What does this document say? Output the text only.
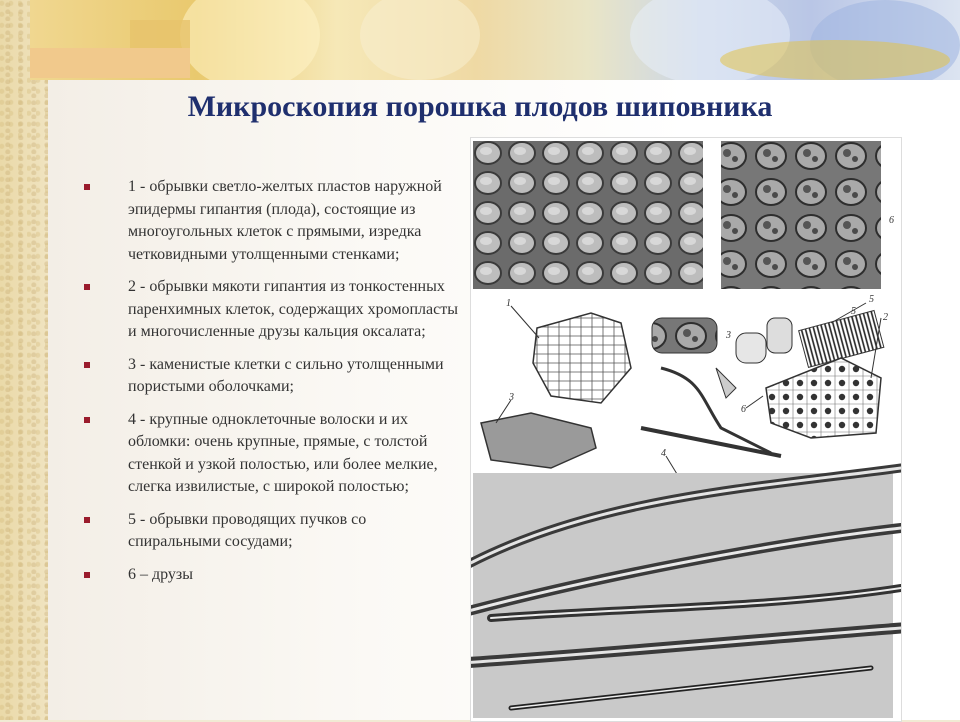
Микроскопия порошка плодов шиповника
1 - обрывки светло-желтых пластов наружной эпидермы гипантия (плода), состоящие из многоугольных клеток с прямыми, изредка четковидными утолщенными стенками;
2 - обрывки мякоти гипантия из тонкостенных паренхимных клеток, содержащих хромопласты и многочисленные друзы кальция оксалата;
3 - каменистые клетки с сильно утолщенными пористыми оболочками;
4 - крупные одноклеточные волоски и их обломки: очень крупные, прямые, с толстой стенкой и узкой полостью, или более мелкие, слегка извилистые, с широкой полостью;
5 - обрывки проводящих пучков со спиральными сосудами;
6 – друзы
1
2
3
3
4
5
5
6
6
